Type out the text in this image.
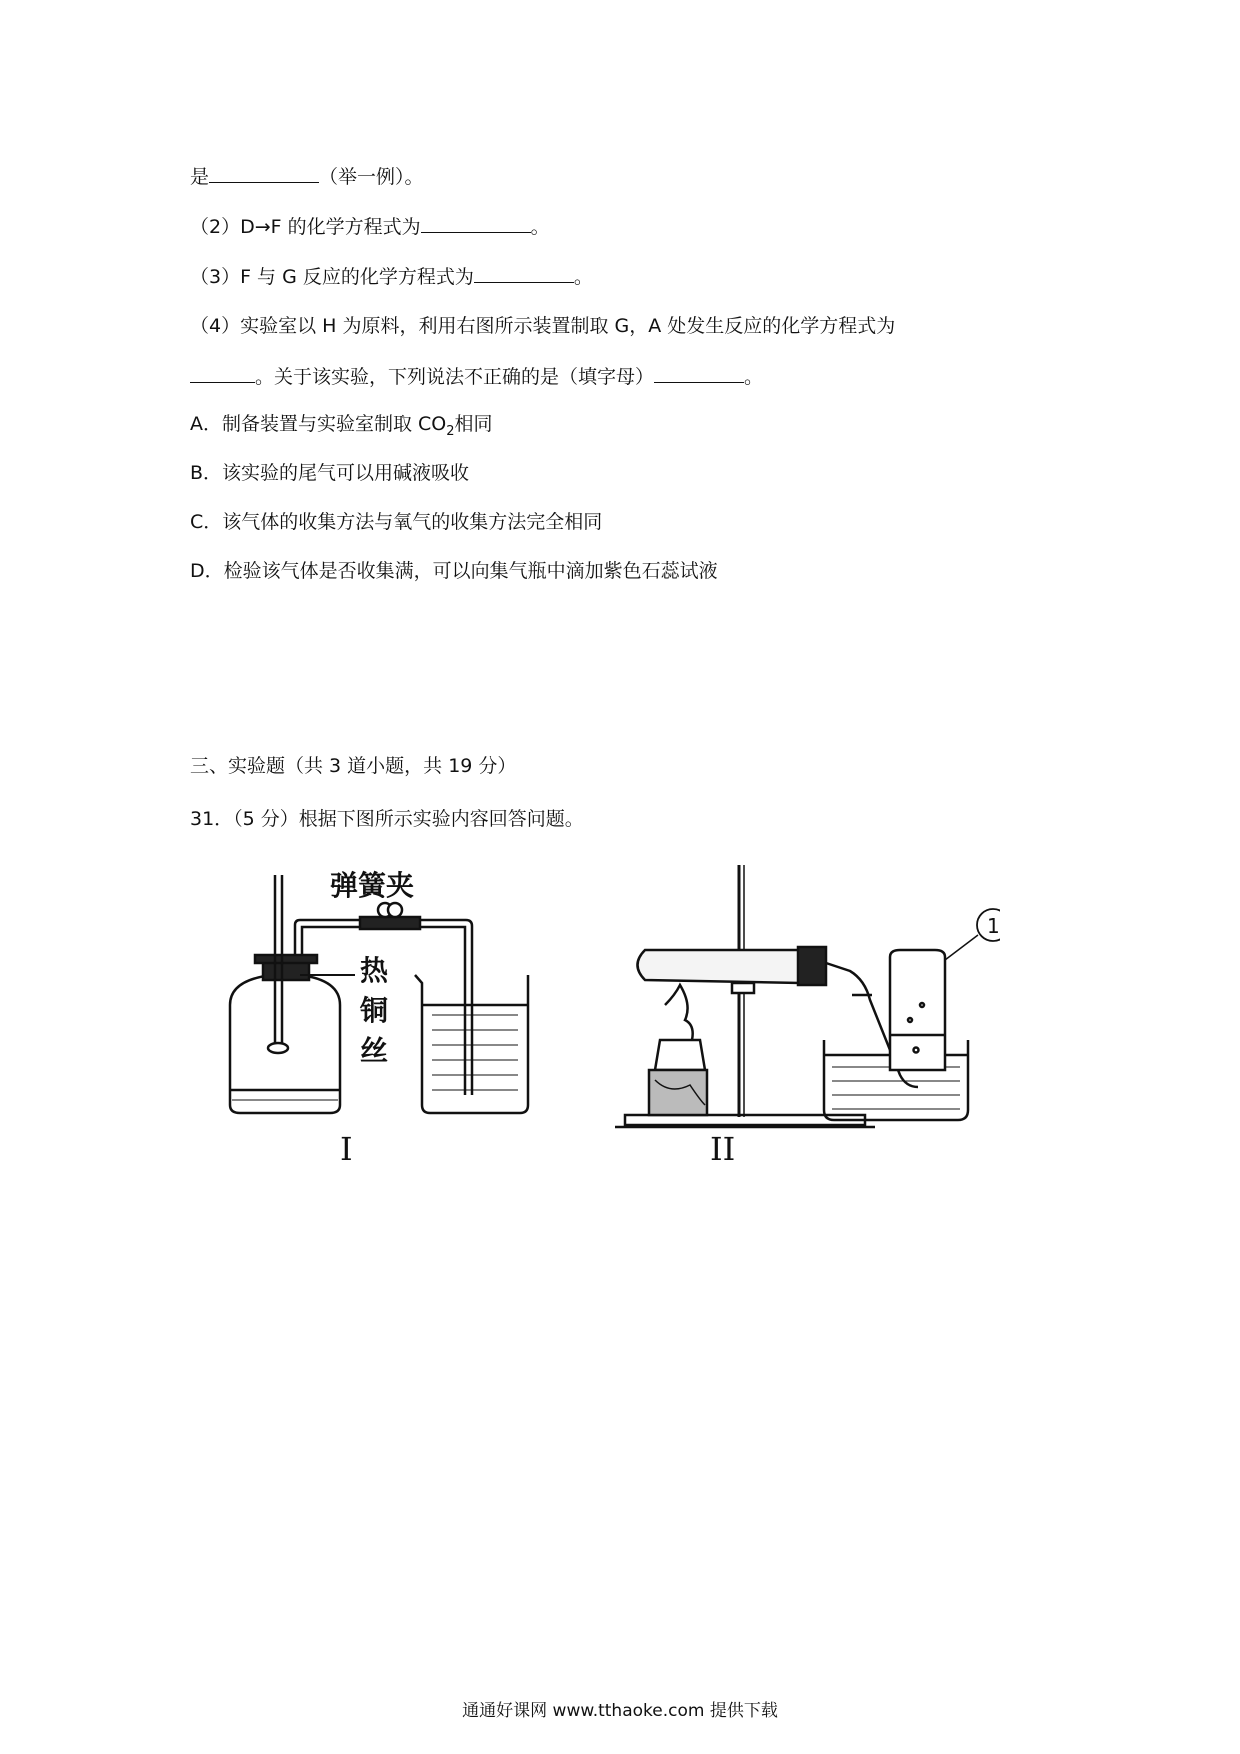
是	（举一例）。
（2）D→F 的化学方程式为	。
（3）F 与 G 反应的化学方程式为	。
（4）实验室以 H 为原料，利用右图所示装置制取 G，A 处发生反应的化学方程式为
。关于该实验，下列说法不正确的是（填字母）	。
A．制备装置与实验室制取 $CO_2$相同
B．该实验的尾气可以用碱液吸收
C．该气体的收集方法与氧气的收集方法完全相同
D．检验该气体是否收集满，可以向集气瓶中滴加紫色石蕊试液
三、实验题（共 3 道小题，共 19 分）
31．（5 分）根据下图所示实验内容回答问题。
弹簧夹
热
铜
丝
I
1
II
通通好课网 www.tthaoke.com 提供下载
